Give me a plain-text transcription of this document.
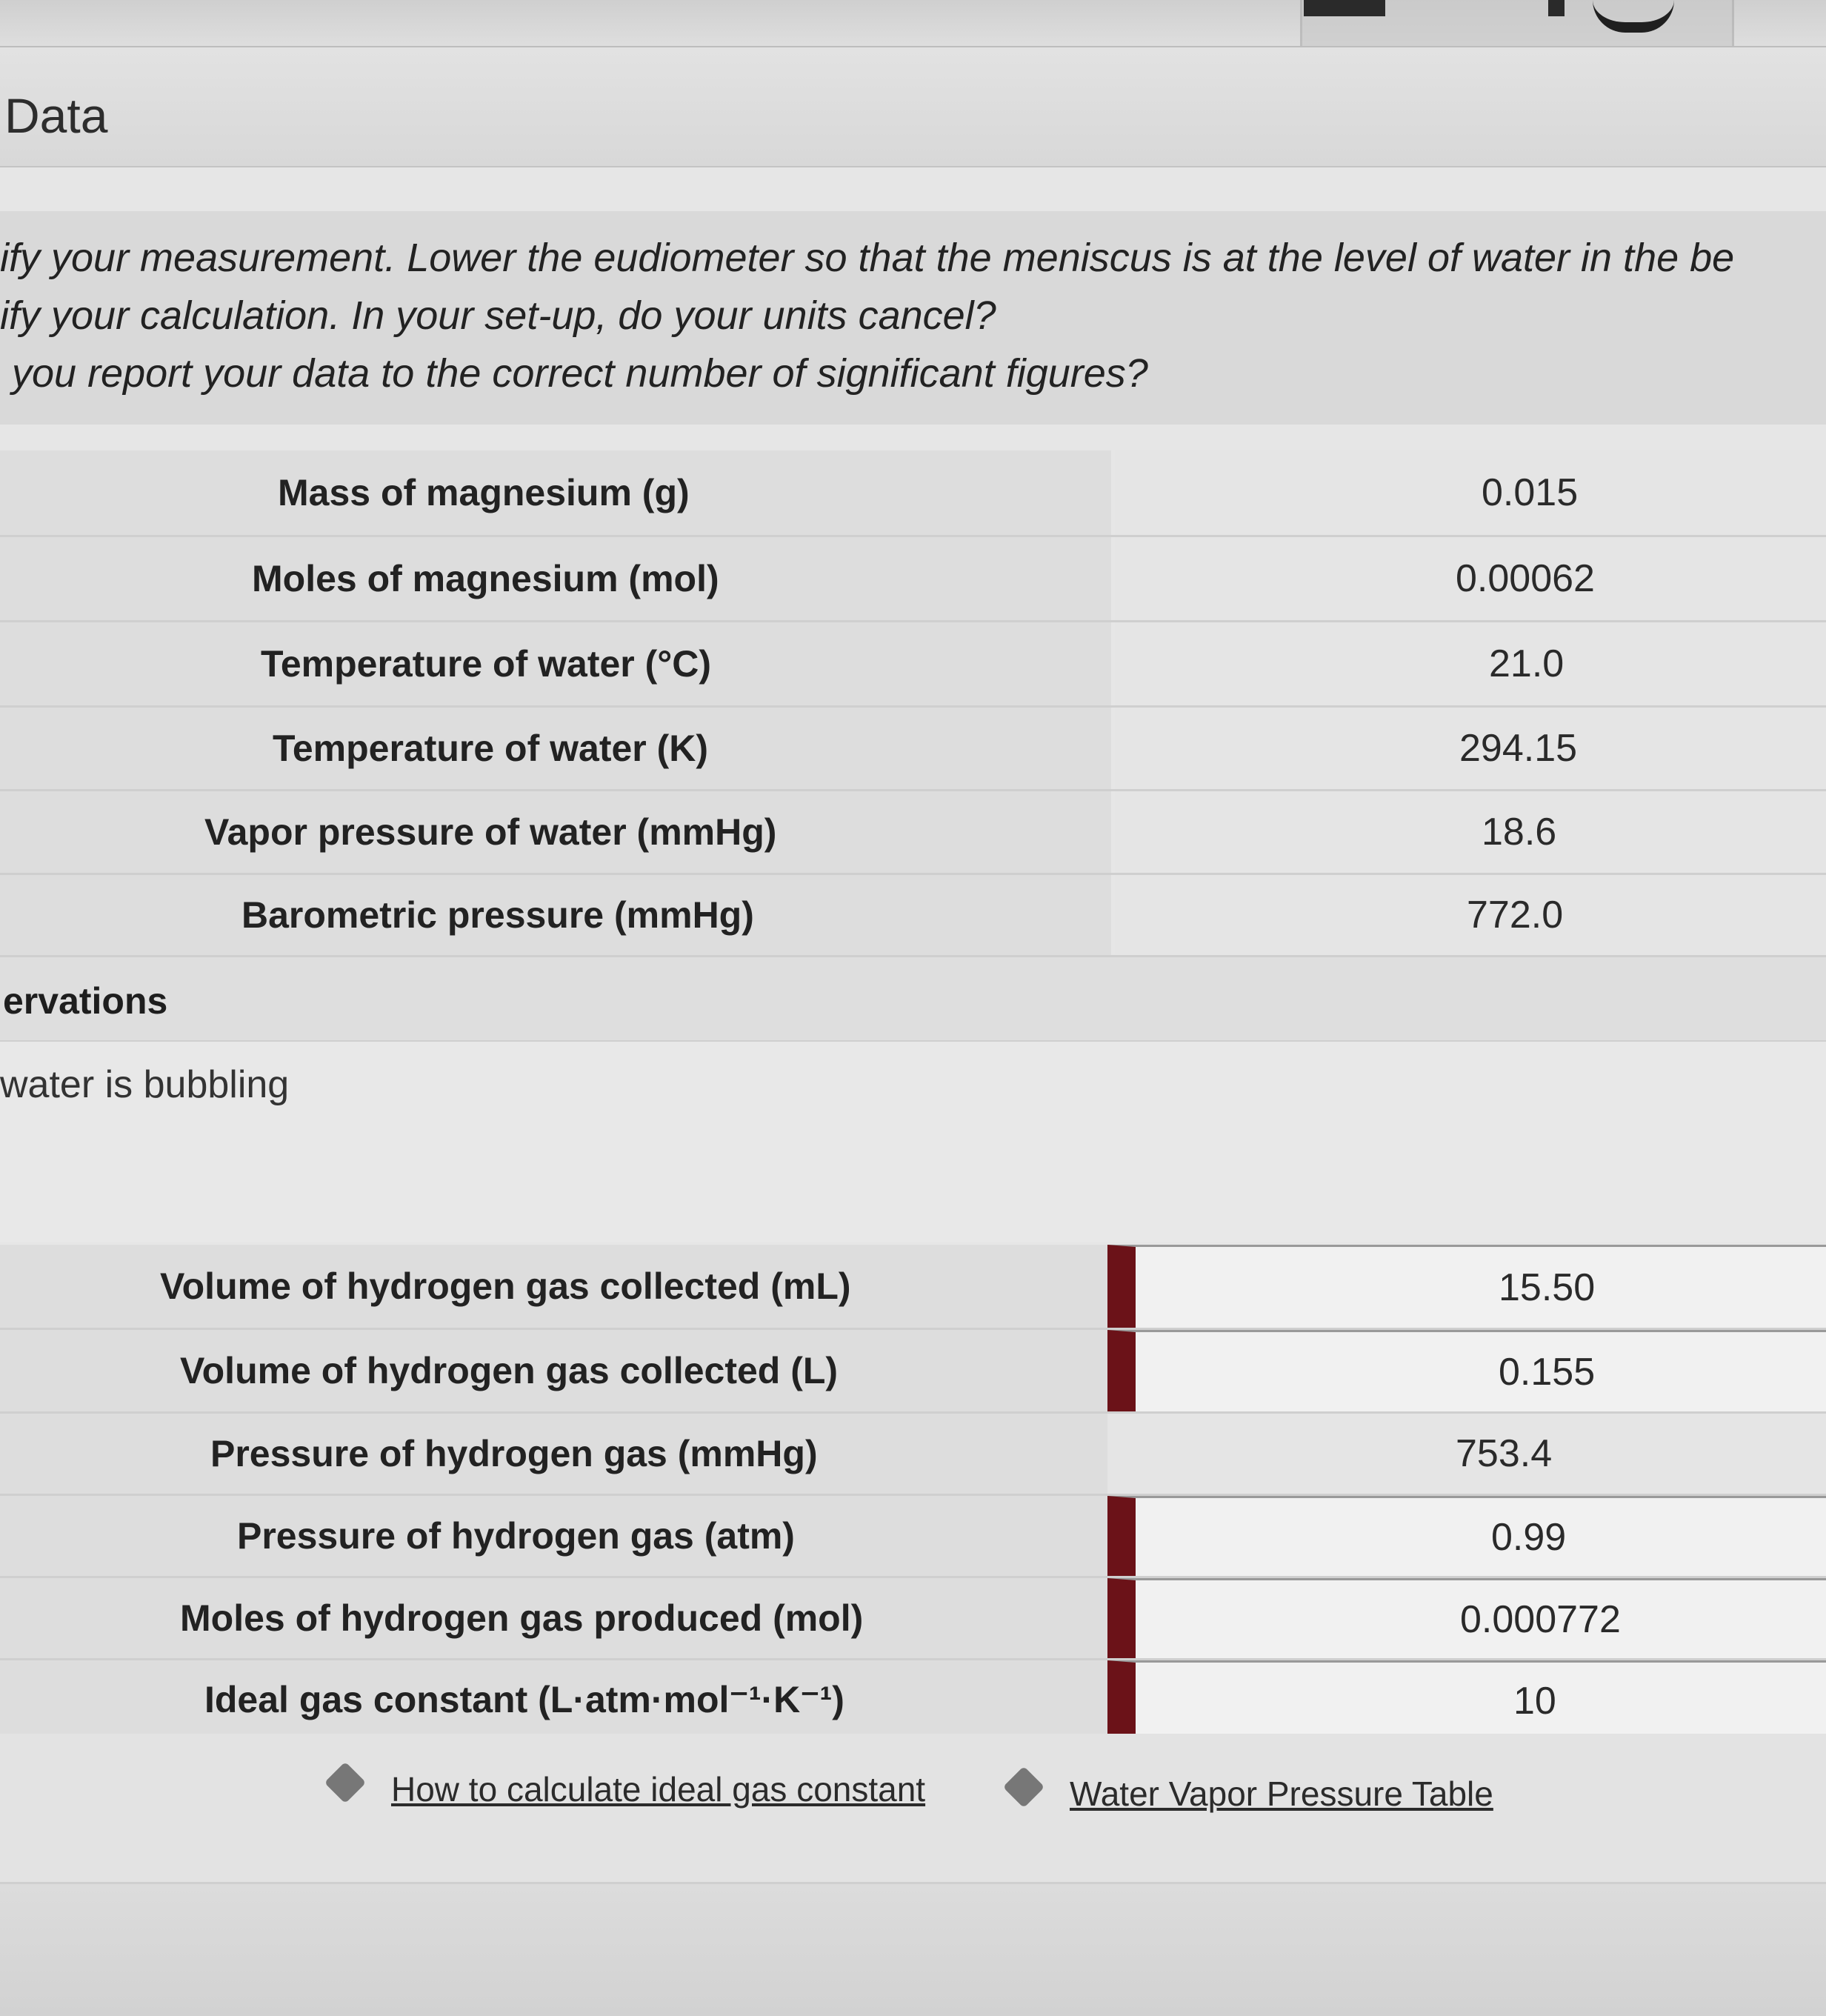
Data
ify your measurement. Lower the eudiometer so that the meniscus is at the level of water in the be
ify your calculation. In your set-up, do your units cancel?
you report your data to the correct number of significant figures?
Mass of magnesium (g)	0.015
Moles of magnesium (mol)	0.00062
Temperature of water (°C)	21.0
Temperature of water (K)	294.15
Vapor pressure of water (mmHg)	18.6
Barometric pressure (mmHg)	772.0
ervations
water is bubbling
Volume of hydrogen gas collected (mL)	15.50
Volume of hydrogen gas collected (L)	0.155
Pressure of hydrogen gas (mmHg)	753.4
Pressure of hydrogen gas (atm)	0.99
Moles of hydrogen gas produced (mol)	0.000772
Ideal gas constant (L·atm·mol⁻¹·K⁻¹)	10
How to calculate ideal gas constant	Water Vapor Pressure Table
